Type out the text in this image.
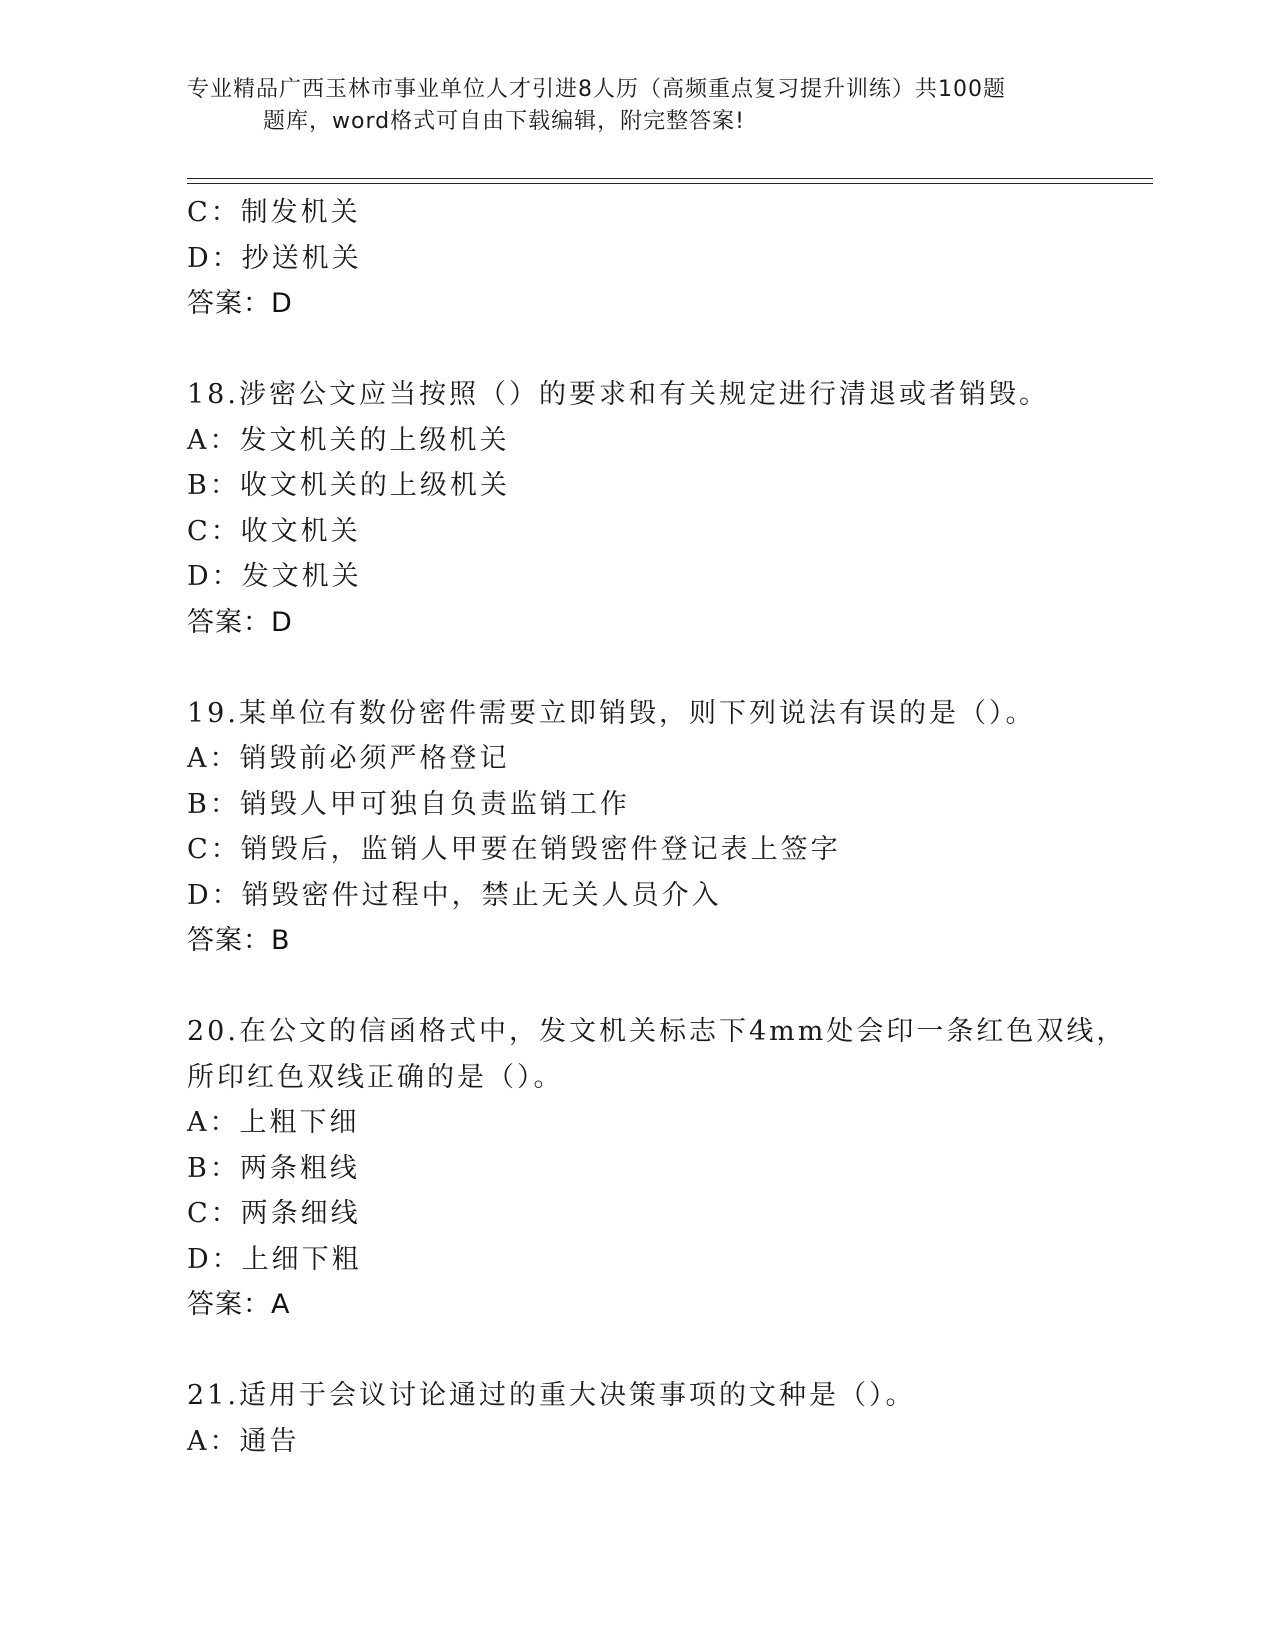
专业精品广西玉林市事业单位人才引进8人历（高频重点复习提升训练）共100题
题库，word格式可自由下载编辑，附完整答案!
C：制发机关
D：抄送机关
答案：D
18.涉密公文应当按照（）的要求和有关规定进行清退或者销毁。
A：发文机关的上级机关
B：收文机关的上级机关
C：收文机关
D：发文机关
答案：D
19.某单位有数份密件需要立即销毁，则下列说法有误的是（）。
A：销毁前必须严格登记
B：销毁人甲可独自负责监销工作
C：销毁后，监销人甲要在销毁密件登记表上签字
D：销毁密件过程中，禁止无关人员介入
答案：B
20.在公文的信函格式中，发文机关标志下4mm处会印一条红色双线，
所印红色双线正确的是（）。
A：上粗下细
B：两条粗线
C：两条细线
D：上细下粗
答案：A
21.适用于会议讨论通过的重大决策事项的文种是（）。
A：通告
